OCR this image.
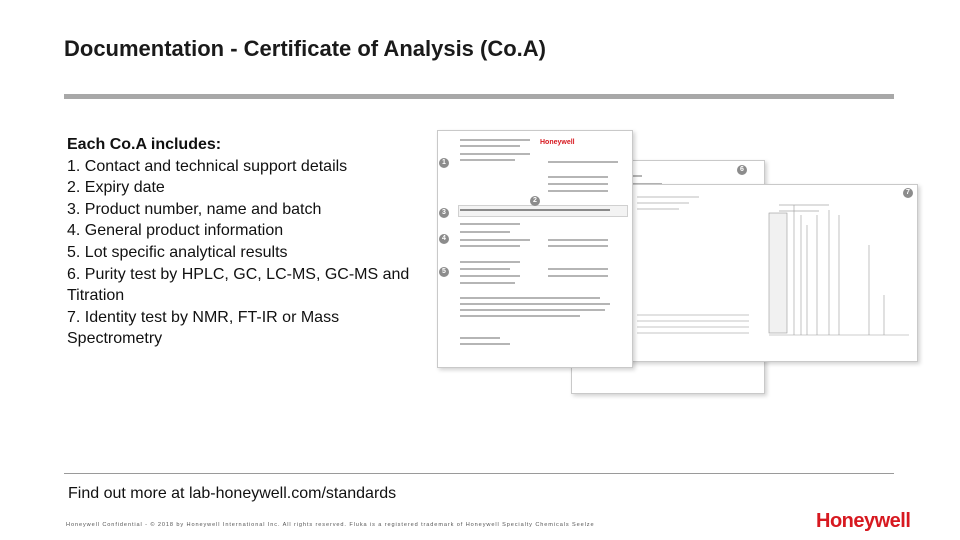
Documentation - Certificate of Analysis (Co.A)
Each Co.A includes:
1. Contact and technical support details
2. Expiry date
3. Product number, name and batch
4. General product information
5. Lot specific analytical results
6. Purity test by HPLC, GC, LC-MS, GC-MS and Titration
7. Identity test by NMR, FT-IR or Mass Spectrometry
Honeywell
1
2
3
4
5
6
7
Find out more at lab-honeywell.com/standards
Honeywell Confidential - © 2018 by Honeywell International Inc. All rights reserved. Fluka is a registered trademark of Honeywell Specialty Chemicals Seelze	Honeywell
